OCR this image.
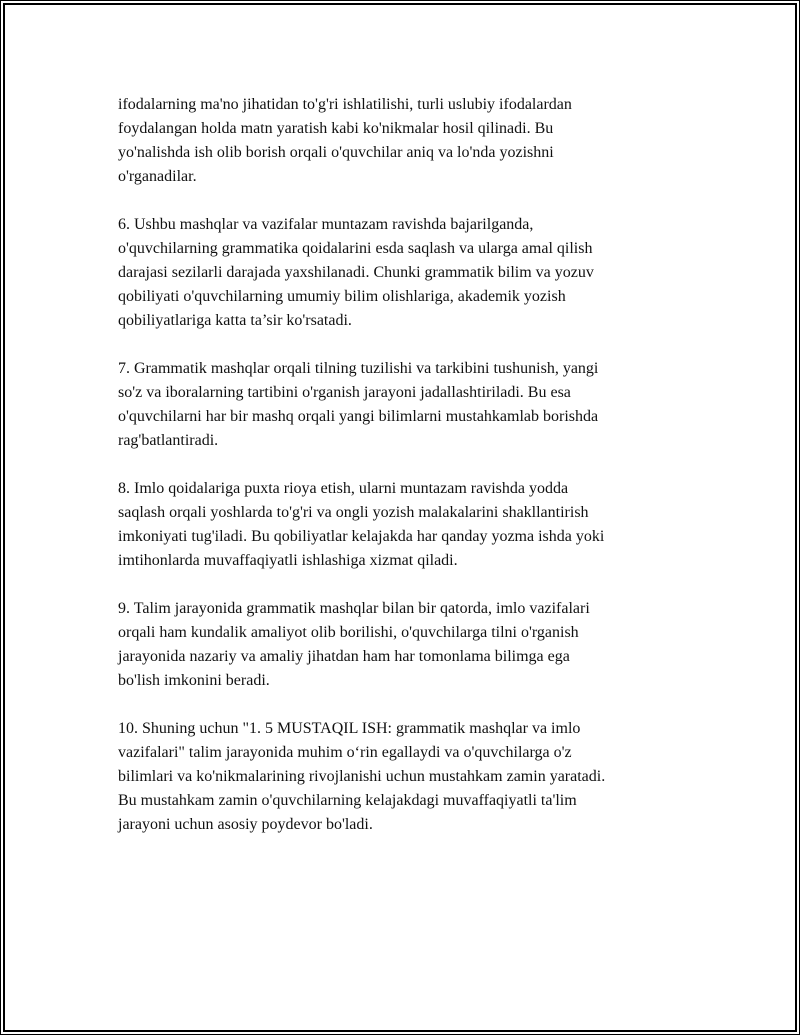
ifodalarning ma'no jihatidan to'g'ri ishlatilishi, turli uslubiy ifodalardan
foydalangan holda matn yaratish kabi ko'nikmalar hosil qilinadi. Bu
yo'nalishda ish olib borish orqali o'quvchilar aniq va lo'nda yozishni
o'rganadilar.

6. Ushbu mashqlar va vazifalar muntazam ravishda bajarilganda,
o'quvchilarning grammatika qoidalarini esda saqlash va ularga amal qilish
darajasi sezilarli darajada yaxshilanadi. Chunki grammatik bilim va yozuv
qobiliyati o'quvchilarning umumiy bilim olishlariga, akademik yozish
qobiliyatlariga katta ta’sir ko'rsatadi.

7. Grammatik mashqlar orqali tilning tuzilishi va tarkibini tushunish, yangi
so'z va iboralarning tartibini o'rganish jarayoni jadallashtiriladi. Bu esa
o'quvchilarni har bir mashq orqali yangi bilimlarni mustahkamlab borishda
rag'batlantiradi.

8. Imlo qoidalariga puxta rioya etish, ularni muntazam ravishda yodda
saqlash orqali yoshlarda to'g'ri va ongli yozish malakalarini shakllantirish
imkoniyati tug'iladi. Bu qobiliyatlar kelajakda har qanday yozma ishda yoki
imtihonlarda muvaffaqiyatli ishlashiga xizmat qiladi.

9. Talim jarayonida grammatik mashqlar bilan bir qatorda, imlo vazifalari
orqali ham kundalik amaliyot olib borilishi, o'quvchilarga tilni o'rganish
jarayonida nazariy va amaliy jihatdan ham har tomonlama bilimga ega
bo'lish imkonini beradi.

10. Shuning uchun "1. 5 MUSTAQIL ISH: grammatik mashqlar va imlo
vazifalari" talim jarayonida muhim o‘rin egallaydi va o'quvchilarga o'z
bilimlari va ko'nikmalarining rivojlanishi uchun mustahkam zamin yaratadi.
Bu mustahkam zamin o'quvchilarning kelajakdagi muvaffaqiyatli ta'lim
jarayoni uchun asosiy poydevor bo'ladi.
